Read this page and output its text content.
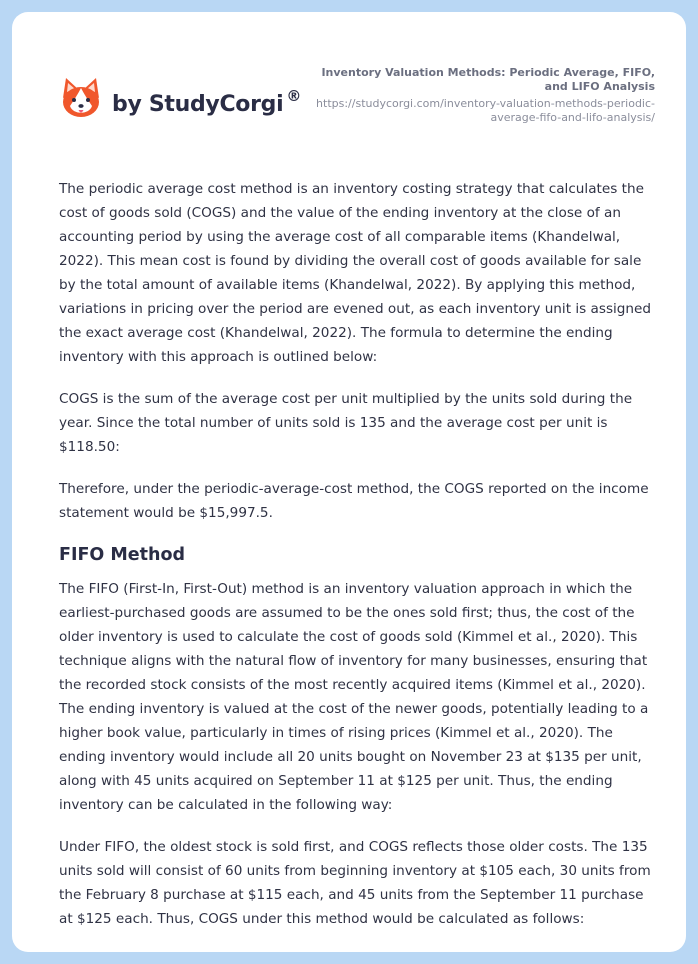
by StudyCorgi ®
Inventory Valuation Methods: Periodic Average, FIFO, and LIFO Analysis
https://studycorgi.com/inventory-valuation-methods-periodic-average-fifo-and-lifo-analysis/

The periodic average cost method is an inventory costing strategy that calculates the cost of goods sold (COGS) and the value of the ending inventory at the close of an accounting period by using the average cost of all comparable items (Khandelwal, 2022). This mean cost is found by dividing the overall cost of goods available for sale by the total amount of available items (Khandelwal, 2022). By applying this method, variations in pricing over the period are evened out, as each inventory unit is assigned the exact average cost (Khandelwal, 2022). The formula to determine the ending inventory with this approach is outlined below:

COGS is the sum of the average cost per unit multiplied by the units sold during the year. Since the total number of units sold is 135 and the average cost per unit is $118.50:

Therefore, under the periodic-average-cost method, the COGS reported on the income statement would be $15,997.5.

FIFO Method

The FIFO (First-In, First-Out) method is an inventory valuation approach in which the earliest-purchased goods are assumed to be the ones sold first; thus, the cost of the older inventory is used to calculate the cost of goods sold (Kimmel et al., 2020). This technique aligns with the natural flow of inventory for many businesses, ensuring that the recorded stock consists of the most recently acquired items (Kimmel et al., 2020). The ending inventory is valued at the cost of the newer goods, potentially leading to a higher book value, particularly in times of rising prices (Kimmel et al., 2020). The ending inventory would include all 20 units bought on November 23 at $135 per unit, along with 45 units acquired on September 11 at $125 per unit. Thus, the ending inventory can be calculated in the following way:

Under FIFO, the oldest stock is sold first, and COGS reflects those older costs. The 135 units sold will consist of 60 units from beginning inventory at $105 each, 30 units from the February 8 purchase at $115 each, and 45 units from the September 11 purchase at $125 each. Thus, COGS under this method would be calculated as follows:
